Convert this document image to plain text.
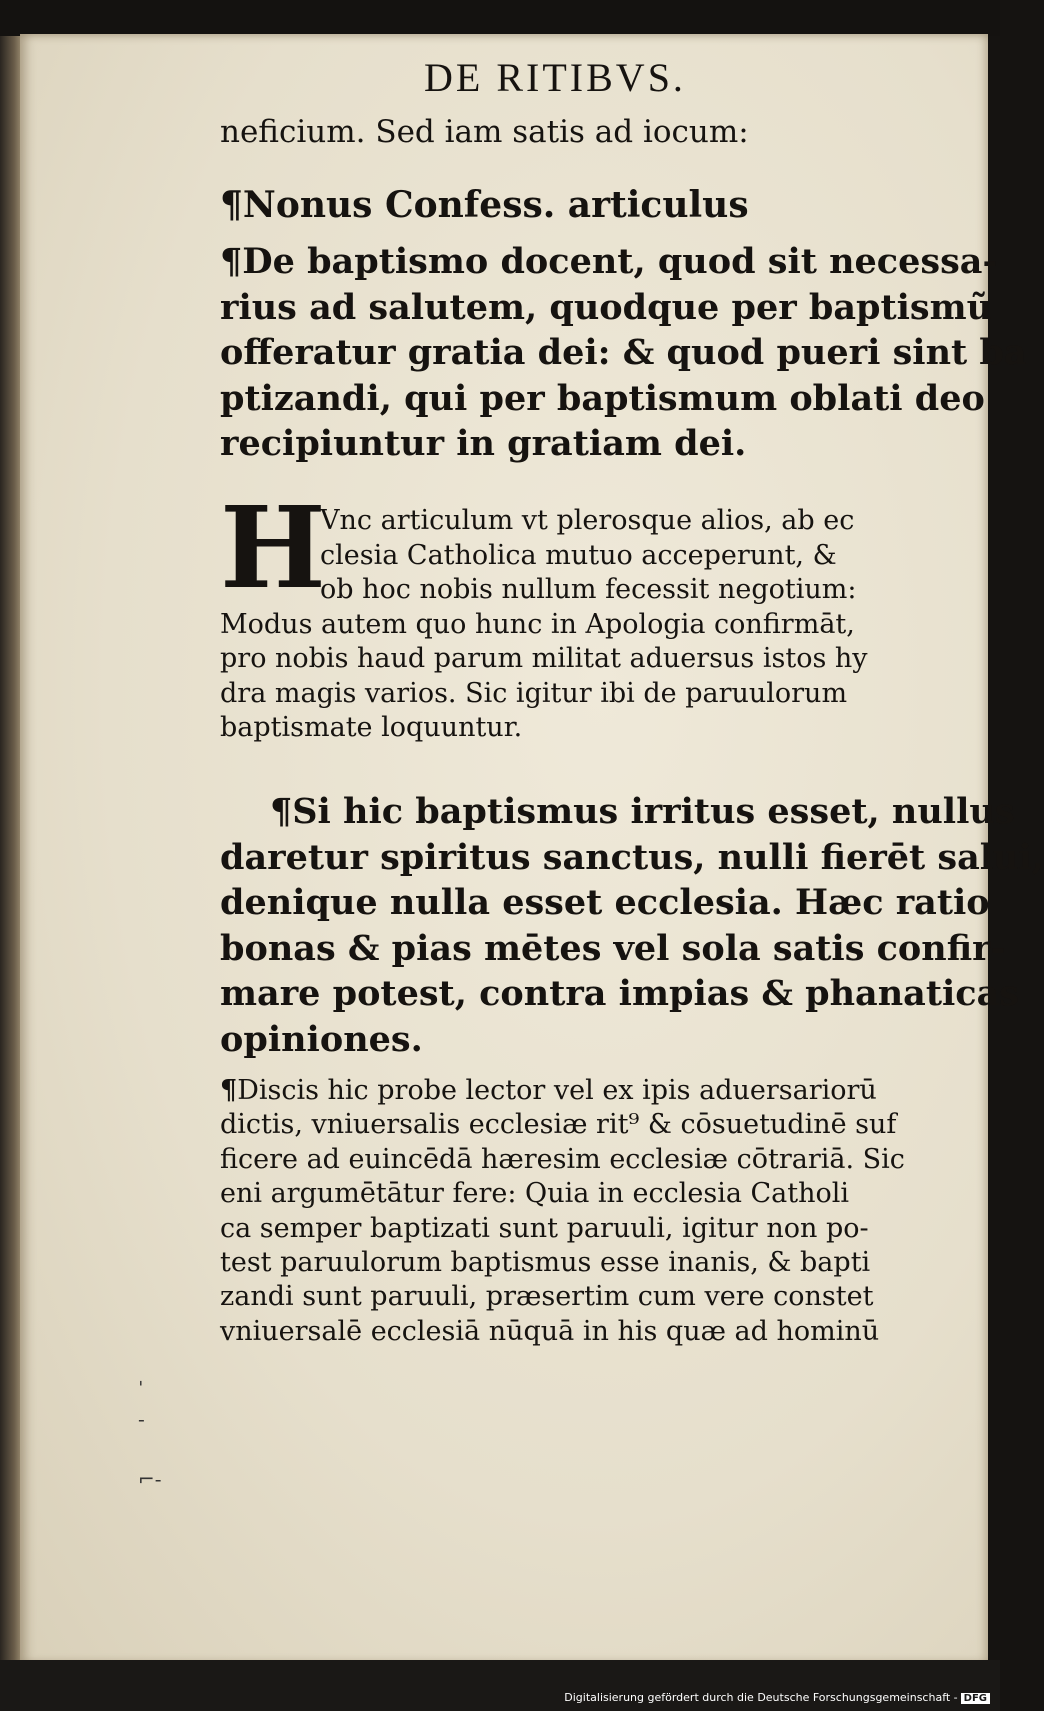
DE RITIBVS.
neficium. Sed iam satis ad iocum:
¶Nonus Confess. articulus
¶De baptismo docent, quod sit necessa-
rius ad salutem, quodque per baptismũ
offeratur gratia dei: & quod pueri sint ba
ptizandi, qui per baptismum oblati deo
recipiuntur in gratiam dei.
H
Vnc articulum vt plerosque alios, ab ec
clesia Catholica mutuo acceperunt, &
ob hoc nobis nullum fecessit negotium:
Modus autem quo hunc in Apologia confirmāt,
pro nobis haud parum militat aduersus istos hy
dra magis varios. Sic igitur ibi de paruulorum
baptismate loquuntur.
¶Si hic baptismus irritus esset, nullus
daretur spiritus sanctus, nulli fierēt salui,
denique nulla esset ecclesia. Hæc ratio
bonas & pias mētes vel sola satis confir-
mare potest, contra impias & phanaticas
opiniones.
¶Discis hic probe lector vel ex ipis aduersariorū
dictis, vniuersalis ecclesiæ rit⁹ & cōsuetudinē suf
ficere ad euincēdā hæresim ecclesiæ cōtrariā. Sic
eni argumētātur fere: Quia in ecclesia Catholi
ca semper baptizati sunt paruuli, igitur non po-
test paruulorum baptismus esse inanis, & bapti
zandi sunt paruuli, præsertim cum vere constet
vniuersalē ecclesiā nūquā in his quæ ad hominū
ˈ
‐

⌐‐
Digitalisierung gefördert durch die Deutsche Forschungsgemeinschaft - DFG
